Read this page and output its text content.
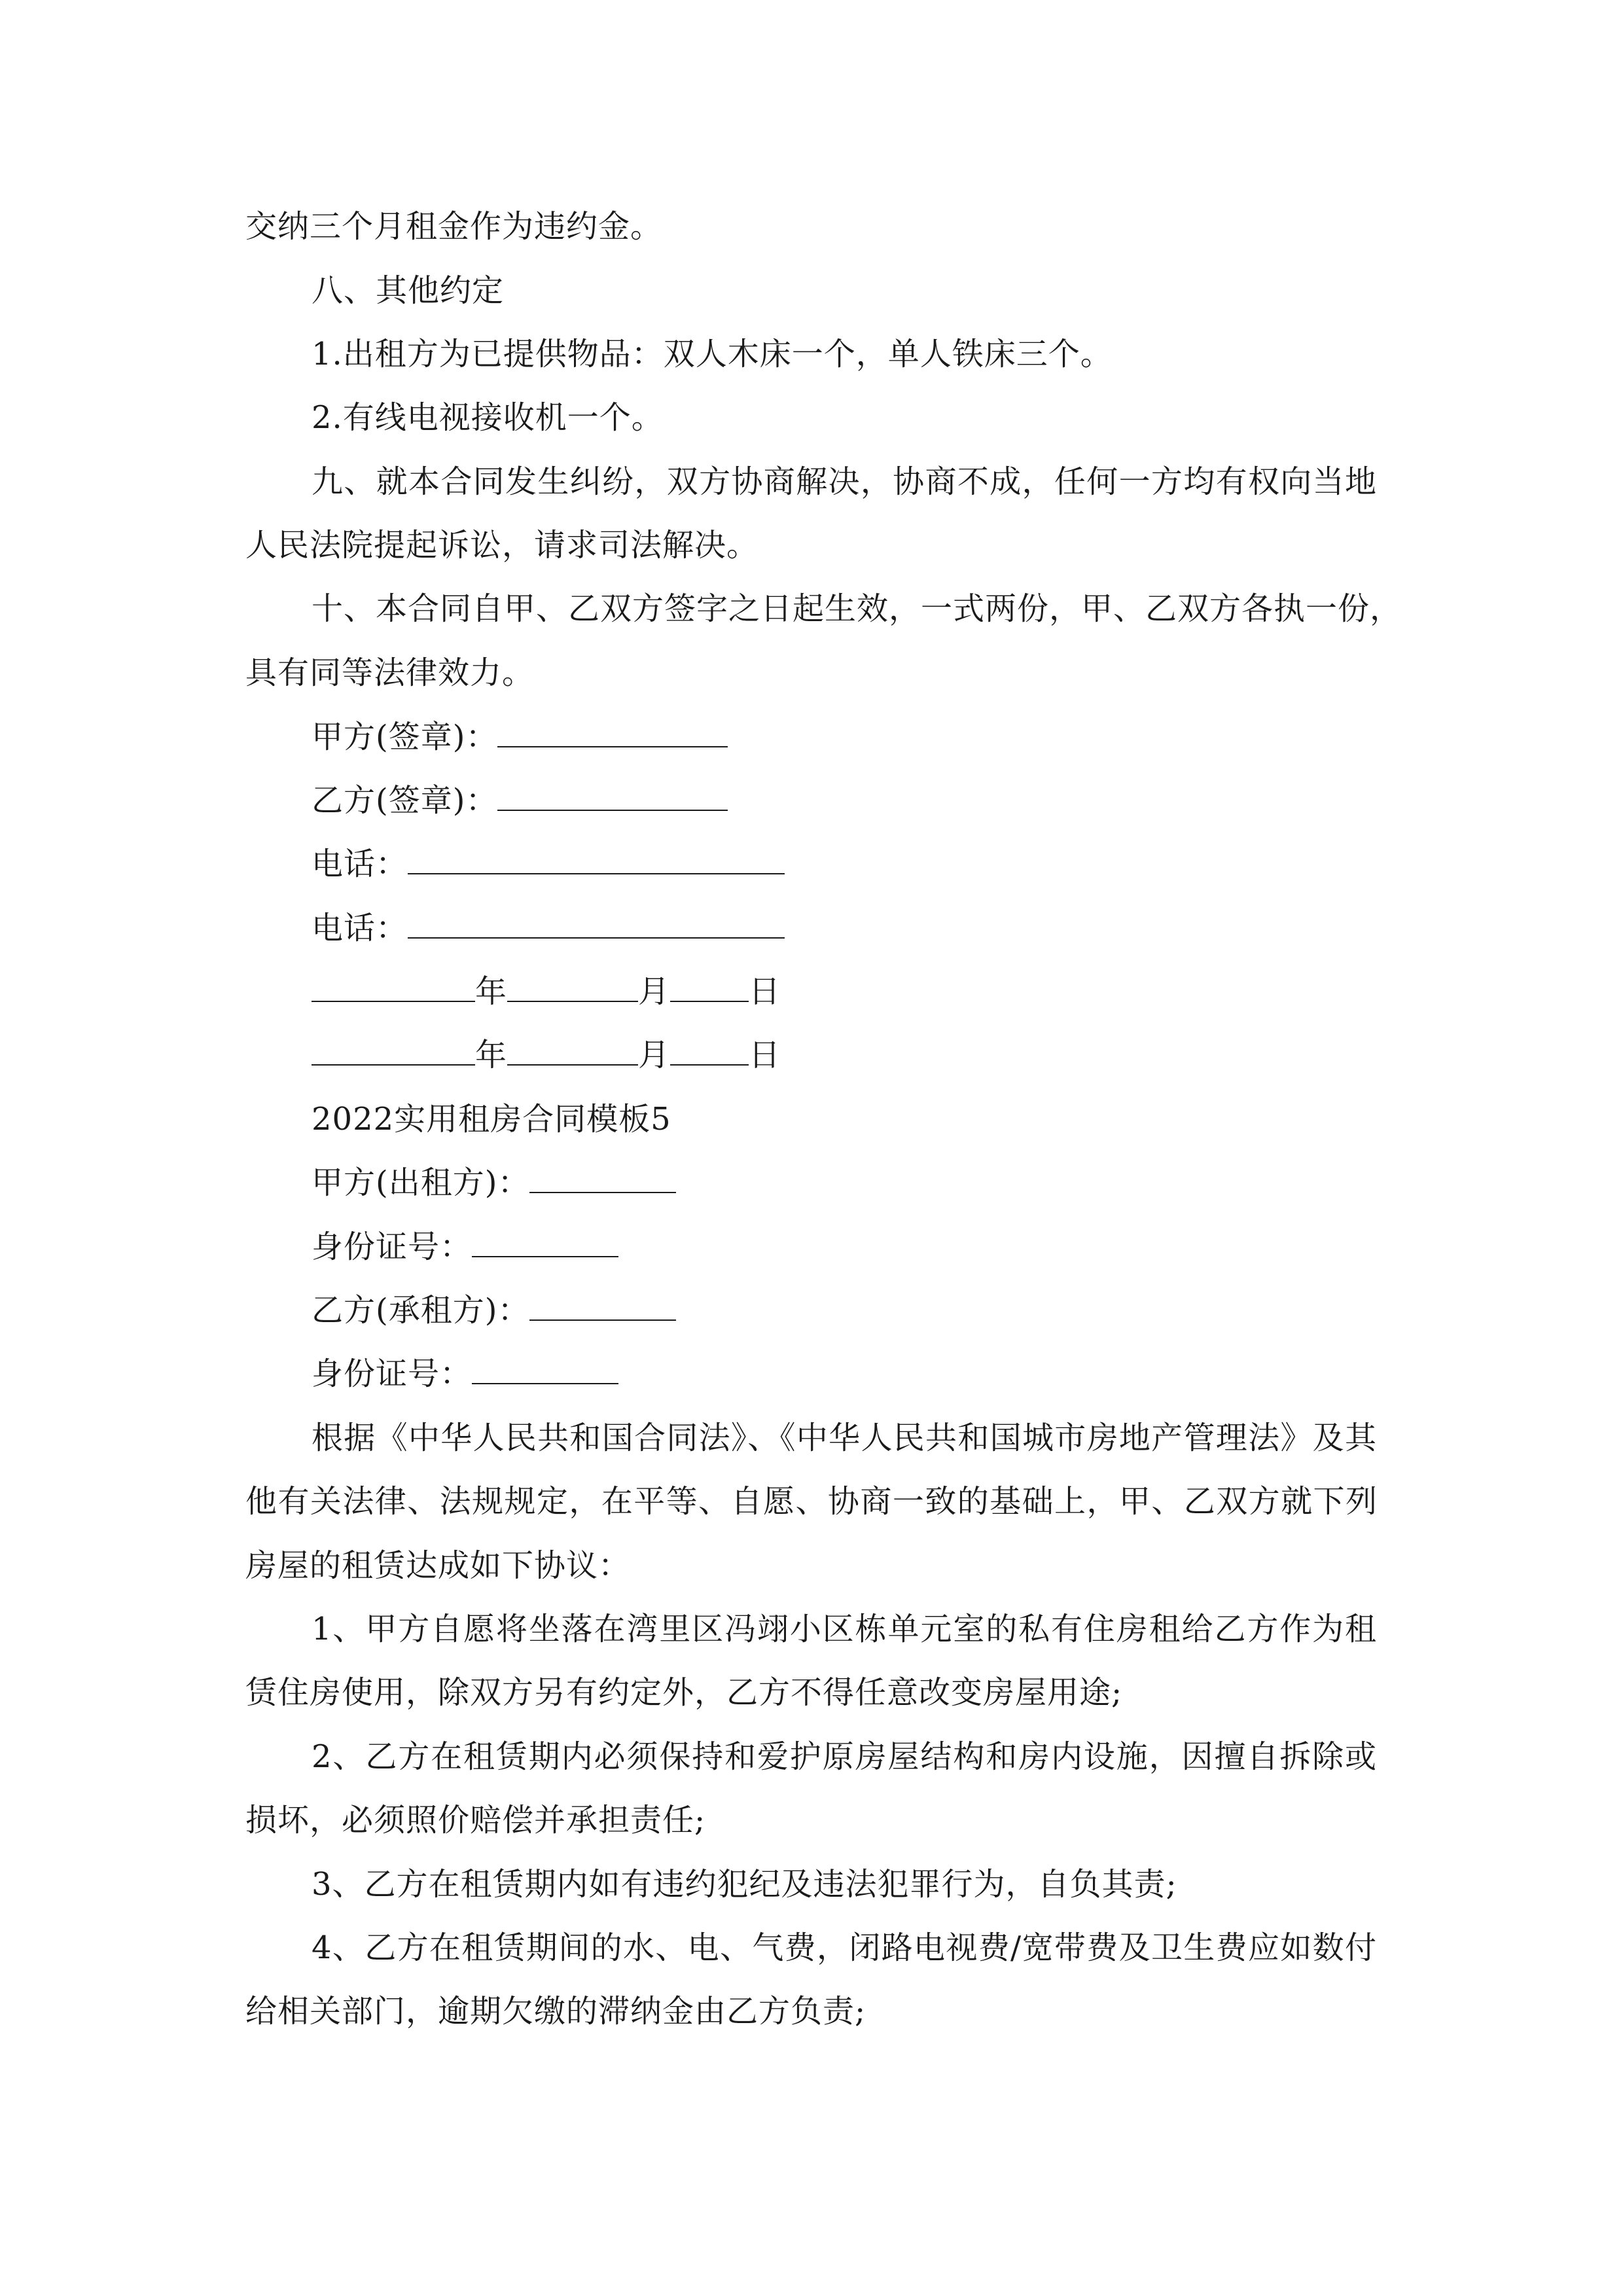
交纳三个月租金作为违约金。
八、其他约定
1.出租方为已提供物品：双人木床一个，单人铁床三个。
2.有线电视接收机一个。
九、就本合同发生纠纷，双方协商解决，协商不成，任何一方均有权向当地
人民法院提起诉讼，请求司法解决。
十、本合同自甲、乙双方签字之日起生效，一式两份，甲、乙双方各执一份，
具有同等法律效力。
甲方(签章)：
乙方(签章)：
电话：
电话：
年	月	日
年	月	日
2022实用租房合同模板5
甲方(出租方)：
身份证号：
乙方(承租方)：
身份证号：
根据《中华人民共和国合同法》、《中华人民共和国城市房地产管理法》及其
他有关法律、法规规定，在平等、自愿、协商一致的基础上，甲、乙双方就下列
房屋的租赁达成如下协议：
1、甲方自愿将坐落在湾里区冯翊小区栋单元室的私有住房租给乙方作为租
赁住房使用，除双方另有约定外，乙方不得任意改变房屋用途;
2、乙方在租赁期内必须保持和爱护原房屋结构和房内设施，因擅自拆除或
损坏，必须照价赔偿并承担责任;
3、乙方在租赁期内如有违约犯纪及违法犯罪行为，自负其责;
4、乙方在租赁期间的水、电、气费，闭路电视费/宽带费及卫生费应如数付
给相关部门，逾期欠缴的滞纳金由乙方负责;
